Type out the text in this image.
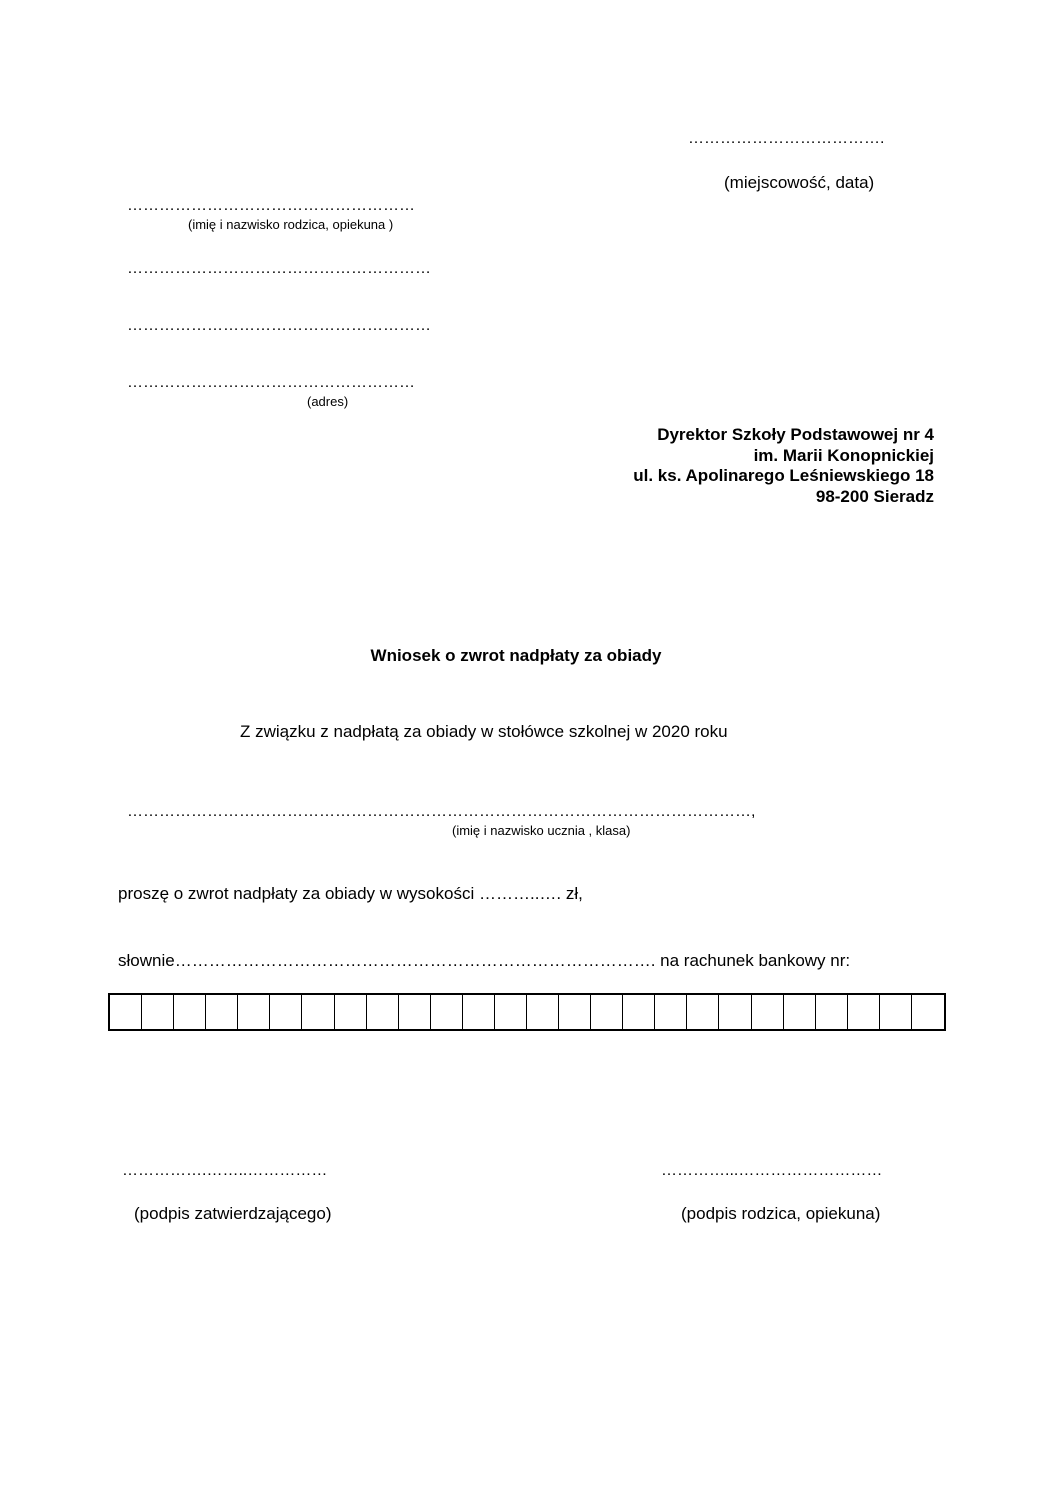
……………………………….
(miejscowość, data)
………………………………………………
(imię i nazwisko rodzica, opiekuna )
…………………………………………………
…………………………………………………
………………………………………………
(adres)
Dyrektor Szkoły Podstawowej nr 4
im. Marii Konopnickiej
ul. ks. Apolinarego Leśniewskiego 18
98-200 Sieradz
Wniosek o zwrot nadpłaty za obiady
Z związku z nadpłatą za obiady w stołówce szkolnej w 2020 roku
………………………………………………………………………………………………………,
(imię i nazwisko ucznia , klasa)
proszę o zwrot nadpłaty za obiady w wysokości ………..…. zł,
słownie…………………………………………………………………………. na rachunek bankowy nr:
…………….……..……………
(podpis zatwierdzającego)
…………...………………………
(podpis rodzica, opiekuna)
